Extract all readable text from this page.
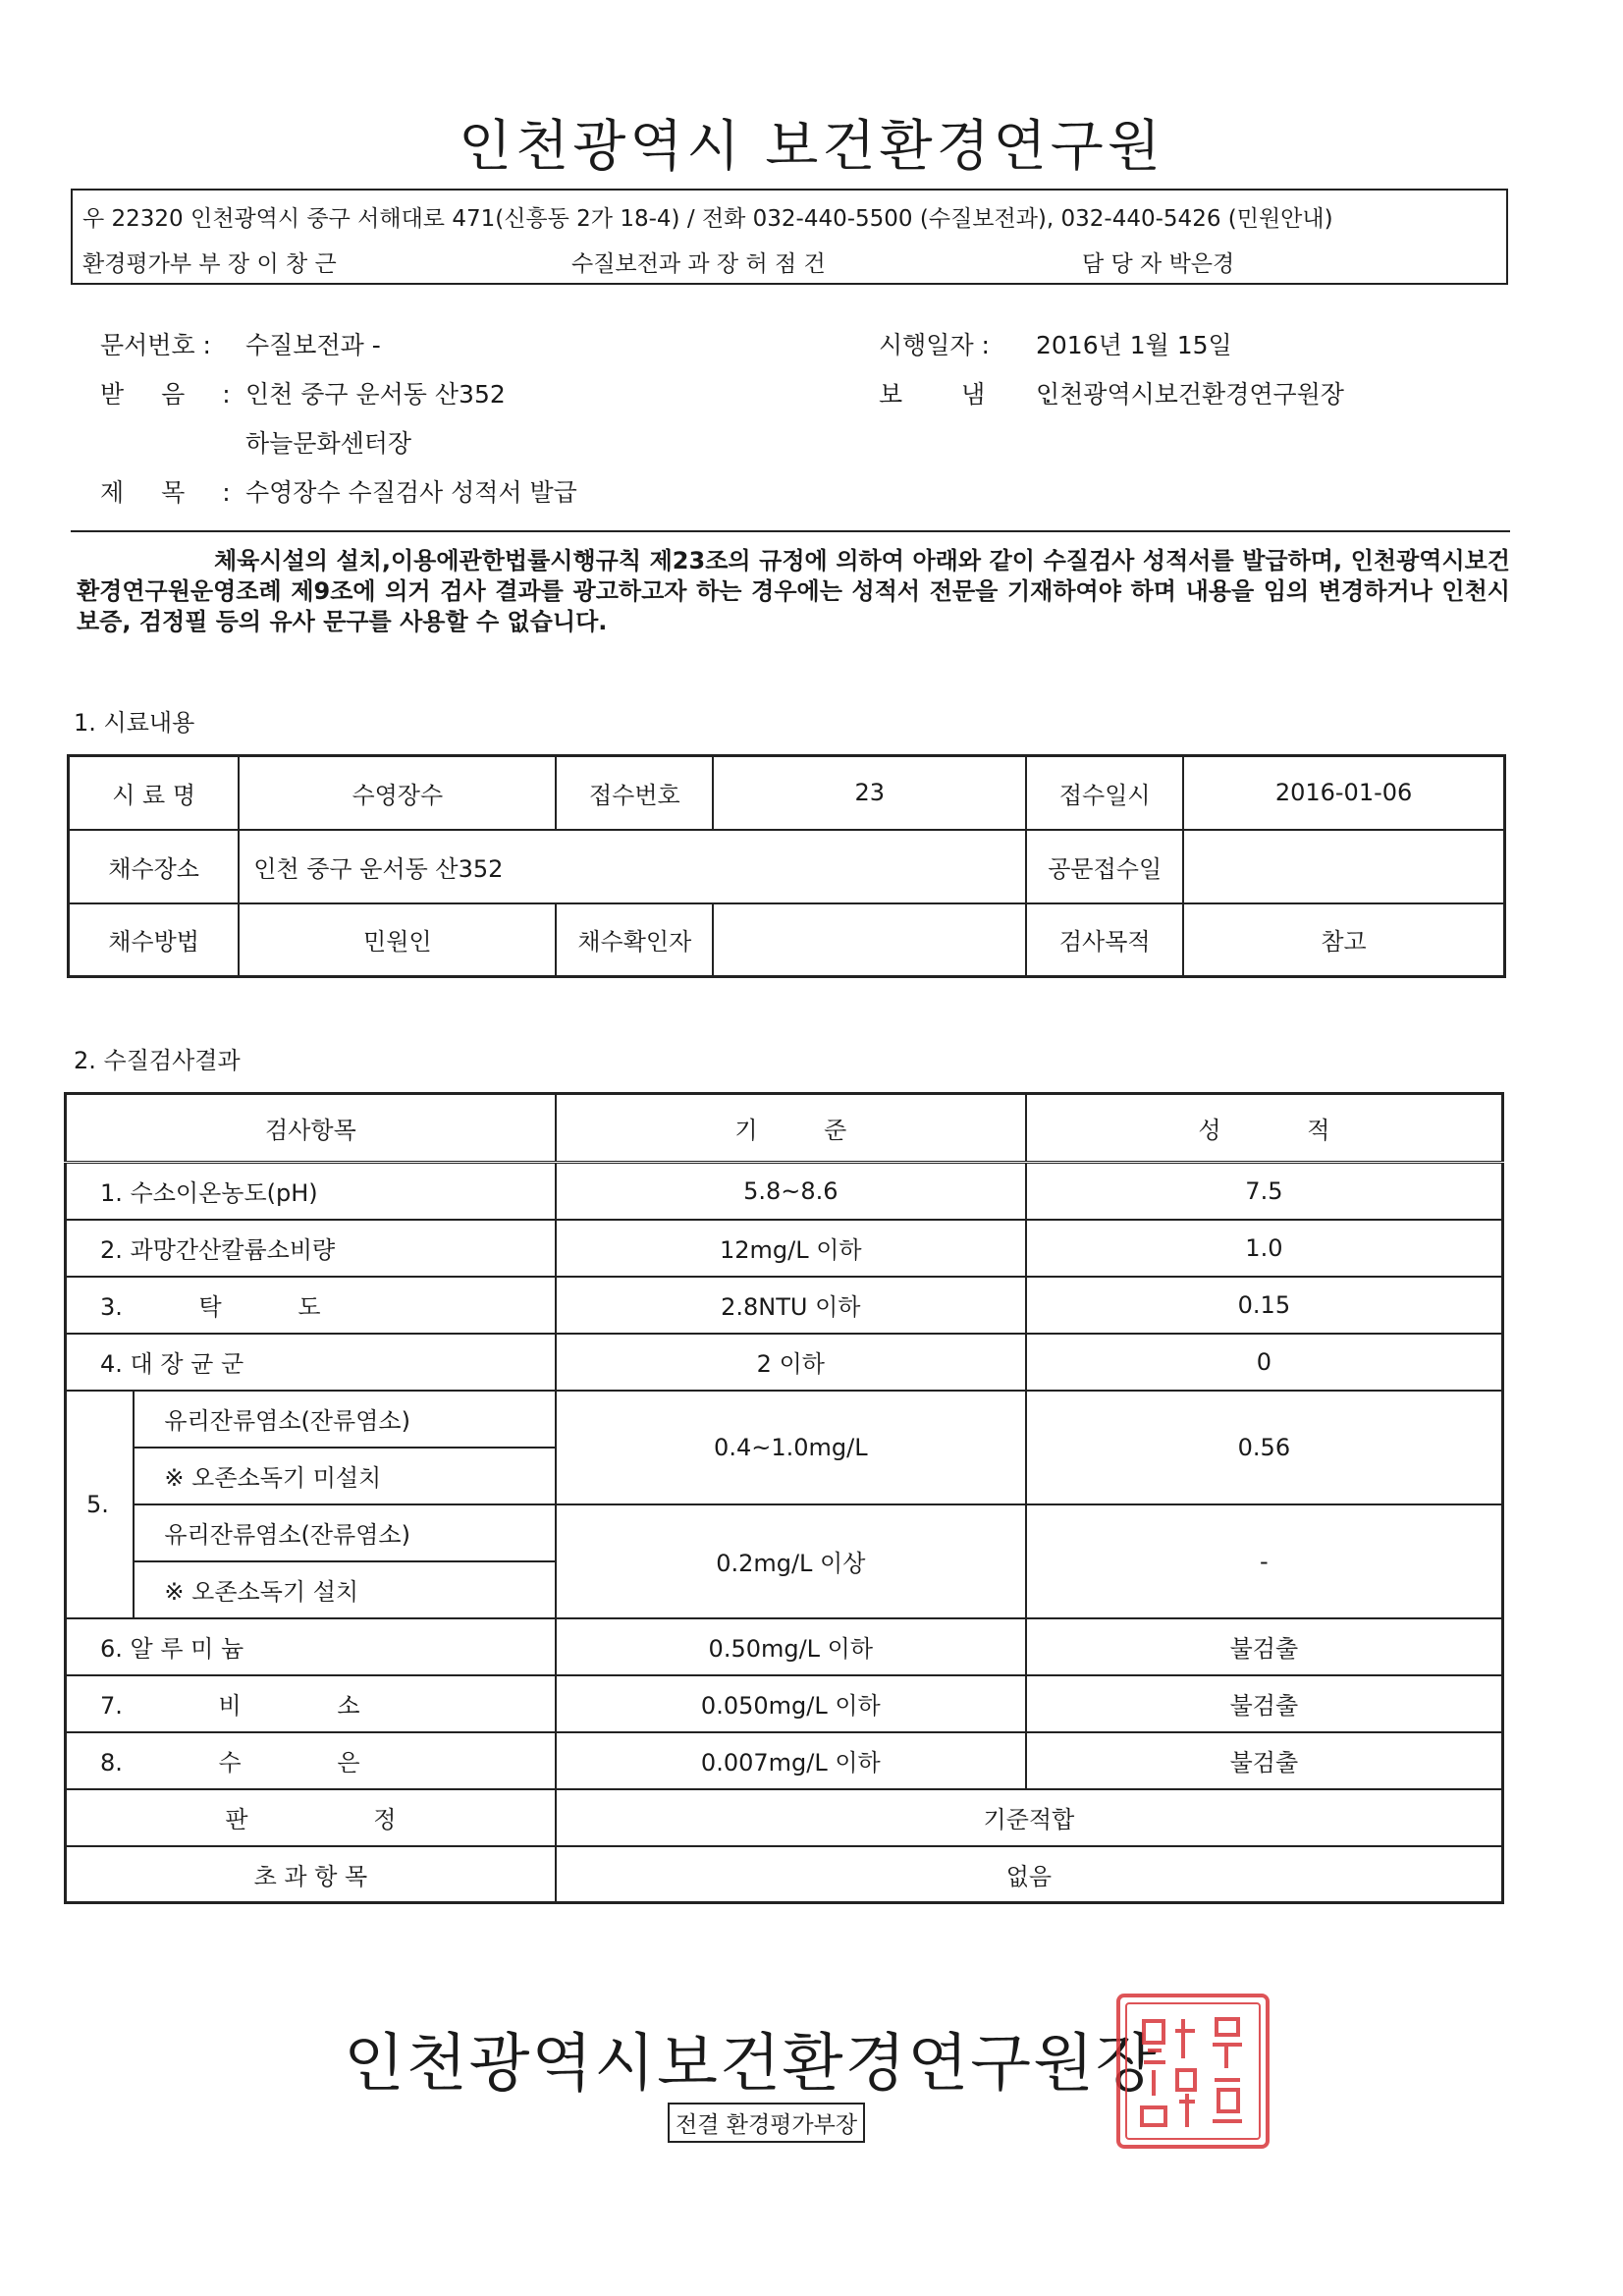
인천광역시 보건환경연구원
우 22320 인천광역시 중구 서해대로 471(신흥동 2가 18-4) / 전화 032-440-5500 (수질보전과), 032-440-5426 (민원안내)
환경평가부 부 장 이 창 근	수질보전과 과 장 허 점 건	담 당 자 박은경
문서번호 : 수질보전과 -	시행일자 : 2016년 1월 15일
받 음 : 인천 중구 운서동 산352	보 냄 :
인천광역시보건환경연구원장
하늘문화센터장
제 목 : 수영장수 수질검사 성적서 발급
체육시설의 설치,이용에관한법률시행규칙 제23조의 규정에 의하여 아래와 같이 수질검사 성적서를 발급하며, 인천광역시보건환경연구원운영조례 제9조에 의거 검사 결과를 광고하고자 하는 경우에는 성적서 전문을 기재하여야 하며 내용을 임의 변경하거나 인천시보증, 검정필 등의 유사 문구를 사용할 수 없습니다.
1. 시료내용
시 료 명	수영장수	접수번호	23	접수일시	2016-01-06
채수장소	인천 중구 운서동 산352			공문접수일	
채수방법	민원인	채수확인자		검사목적	참고
2. 수질검사결과
검사항목		기 준	성 적
1. 수소이온농도(pH)		5.8~8.6	7.5
2. 과망간산칼륨소비량		12mg/L 이하	1.0
3. 탁 도		2.8NTU 이하	0.15
4. 대 장 균 군		2 이하	0
5.	유리잔류염소(잔류염소)	0.4~1.0mg/L	0.56
	※ 오존소독기 미설치		
	유리잔류염소(잔류염소)	0.2mg/L 이상	-
	※ 오존소독기 설치		
6. 알 루 미 늄		0.50mg/L 이하	불검출
7. 비 소		0.050mg/L 이하	불검출
8. 수 은		0.007mg/L 이하	불검출
판 정		기준적합	
초 과 항 목		없음	
인천광역시보건환경연구원장
전결 환경평가부장
